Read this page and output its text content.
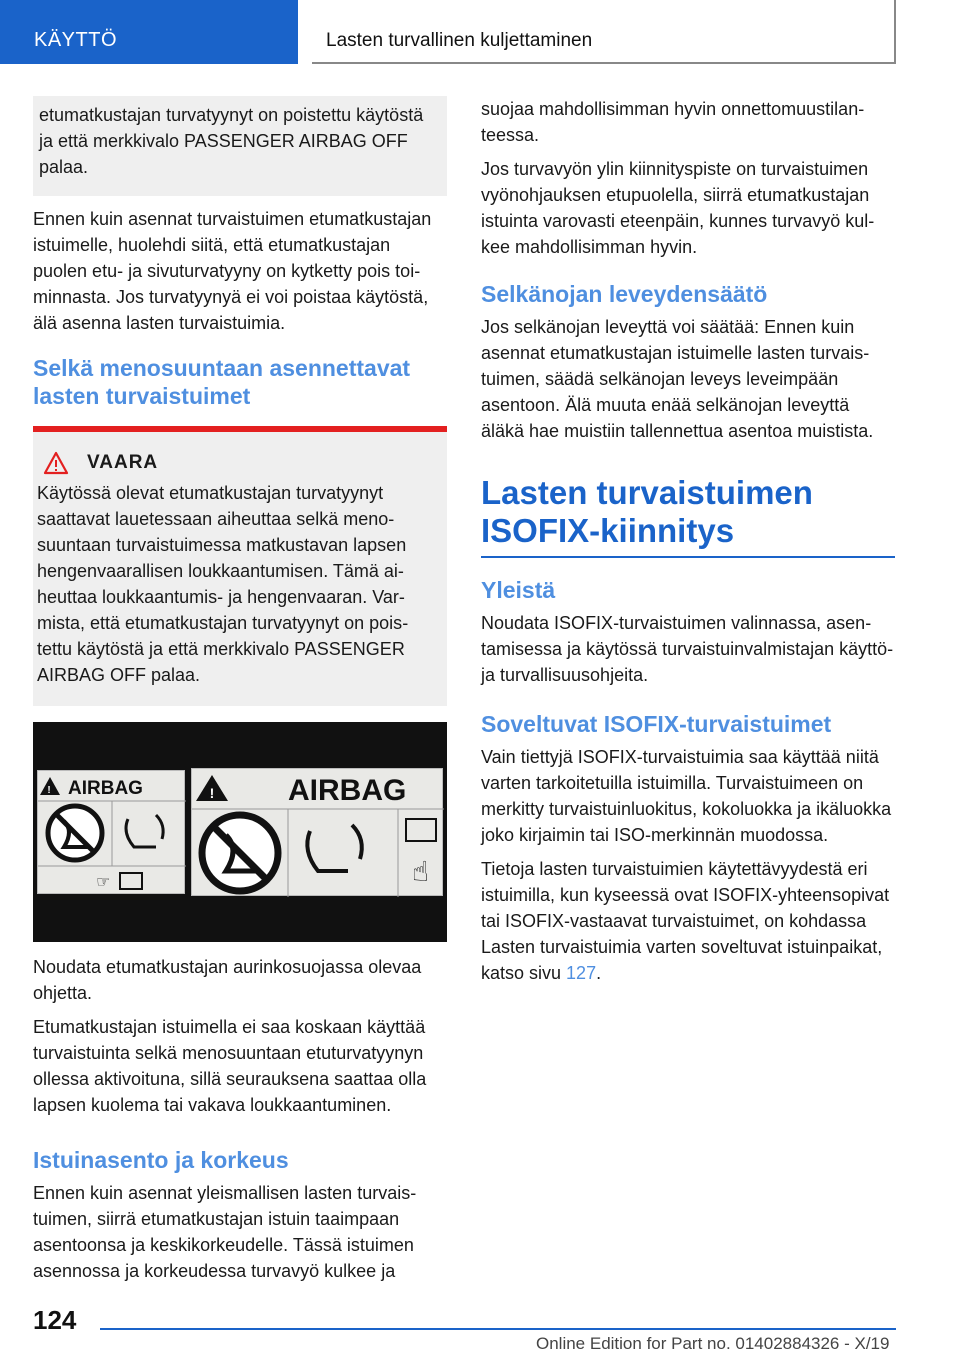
KÄYTTÖ	Lasten turvallinen kuljettaminen
etumatkustajan turvatyynyt on poistettu käytöstä ja että merkkivalo PASSENGER AIRBAG OFF palaa.

Ennen kuin asennat turvaistuimen etumatkustajan istuimelle, huolehdi siitä, että etumatkustajan puolen etu- ja sivuturvatyyny on kytketty pois toiminnasta. Jos turvatyynyä ei voi poistaa käytöstä, älä asenna lasten turvaistuimia.

Selkä menosuuntaan asennettavat lasten turvaistuimet
VAARA
Käytössä olevat etumatkustajan turvatyynyt saattavat lauetessaan aiheuttaa selkä menosuuntaan turvaistuimessa matkustavan lapsen hengenvaarallisen loukkaantumisen. Tämä aiheuttaa loukkaantumis- ja hengenvaaran. Varmista, että etumatkustajan turvatyynyt on poistettu käytöstä ja että merkkivalo PASSENGER AIRBAG OFF palaa.
! AIRBAG
☞
! AIRBAG
☝

Noudata etumatkustajan aurinkosuojassa olevaa ohjetta.

Etumatkustajan istuimella ei saa koskaan käyttää turvaistuinta selkä menosuuntaan etuturvatyynyn ollessa aktivoituna, sillä seurauksena saattaa olla lapsen kuolema tai vakava loukkaantuminen.

Istuinasento ja korkeus

Ennen kuin asennat yleismallisen lasten turvaistuimen, siirrä etumatkustajan istuin taaimpaan asentoonsa ja keskikorkeudelle. Tässä istuimen asennossa ja korkeudessa turvavyö kulkee ja

suojaa mahdollisimman hyvin onnettomuustilanteessa.

Jos turvavyön ylin kiinnityspiste on turvaistuimen vyönohjauksen etupuolella, siirrä etumatkustajan istuinta varovasti eteenpäin, kunnes turvavyö kulkee mahdollisimman hyvin.

Selkänojan leveydensäätö

Jos selkänojan leveyttä voi säätää: Ennen kuin asennat etumatkustajan istuimelle lasten turvaistuimen, säädä selkänojan leveys leveimpään asentoon. Älä muuta enää selkänojan leveyttä äläkä hae muistiin tallennettua asentoa muistista.

Lasten turvaistuimen ISOFIX-kiinnitys
Yleistä

Noudata ISOFIX-turvaistuimen valinnassa, asentamisessa ja käytössä turvaistuinvalmistajan käyttö- ja turvallisuusohjeita.

Soveltuvat ISOFIX-turvaistuimet

Vain tiettyjä ISOFIX-turvaistuimia saa käyttää niitä varten tarkoitetuilla istuimilla. Turvaistuimeen on merkitty turvaistuinluokitus, kokoluokka ja ikäluokka joko kirjaimin tai ISO-merkinnän muodossa.

Tietoja lasten turvaistuimien käytettävyydestä eri istuimilla, kun kyseessä ovat ISOFIX-yhteensopivat tai ISOFIX-vastaavat turvaistuimet, on kohdassa Lasten turvaistuimia varten soveltuvat istuinpaikat, katso sivu 127.

124
Online Edition for Part no. 01402884326 - X/19
